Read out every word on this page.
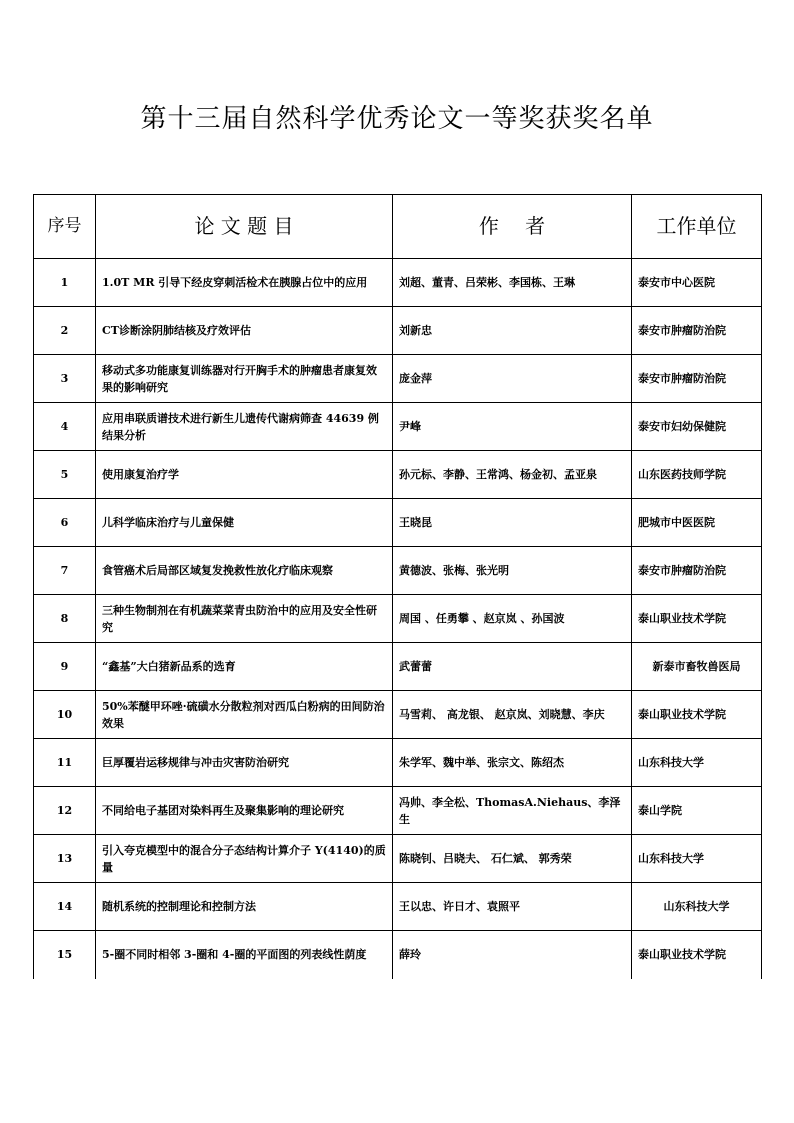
第十三届自然科学优秀论文一等奖获奖名单
序号	论 文 题 目	作　 者	工作单位
1	1.0T MR 引导下经皮穿刺活检术在胰腺占位中的应用	刘超、董青、吕荣彬、李国栋、王琳	泰安市中心医院
2	CT诊断涂阴肺结核及疗效评估	刘新忠	泰安市肿瘤防治院
3	移动式多功能康复训练器对行开胸手术的肿瘤患者康复效果的影响研究	庞金萍	泰安市肿瘤防治院
4	应用串联质谱技术进行新生儿遗传代谢病筛查 44639 例结果分析	尹峰	泰安市妇幼保健院
5	使用康复治疗学	孙元标、李静、王常鸿、杨金初、孟亚泉	山东医药技师学院
6	儿科学临床治疗与儿童保健	王晓昆	肥城市中医医院
7	食管癌术后局部区域复发挽救性放化疗临床观察	黄德波、张梅、张光明	泰安市肿瘤防治院
8	三种生物制剂在有机蔬菜菜青虫防治中的应用及安全性研究	周国 、任勇攀 、赵京岚 、孙国波	泰山职业技术学院
9	“鑫基”大白猪新品系的选育	武蕾蕾	新泰市畜牧兽医局
10	50%苯醚甲环唑·硫磺水分散粒剂对西瓜白粉病的田间防治效果	马雪莉、 高龙银、 赵京岚、刘晓慧、李庆	泰山职业技术学院
11	巨厚覆岩运移规律与冲击灾害防治研究	朱学军、魏中举、张宗文、陈绍杰	山东科技大学
12	不同给电子基团对染料再生及聚集影响的理论研究	冯帅、李全松、ThomasA.Niehaus、李泽生	泰山学院
13	引入夸克模型中的混合分子态结构计算介子 Y(4140)的质量	陈晓钊、吕晓夫、 石仁斌、 郭秀荣	山东科技大学
14	随机系统的控制理论和控制方法	王以忠、许日才、袁照平	山东科技大学
15	5-圈不同时相邻 3-圈和 4-圈的平面图的列表线性荫度	薛玲	泰山职业技术学院
